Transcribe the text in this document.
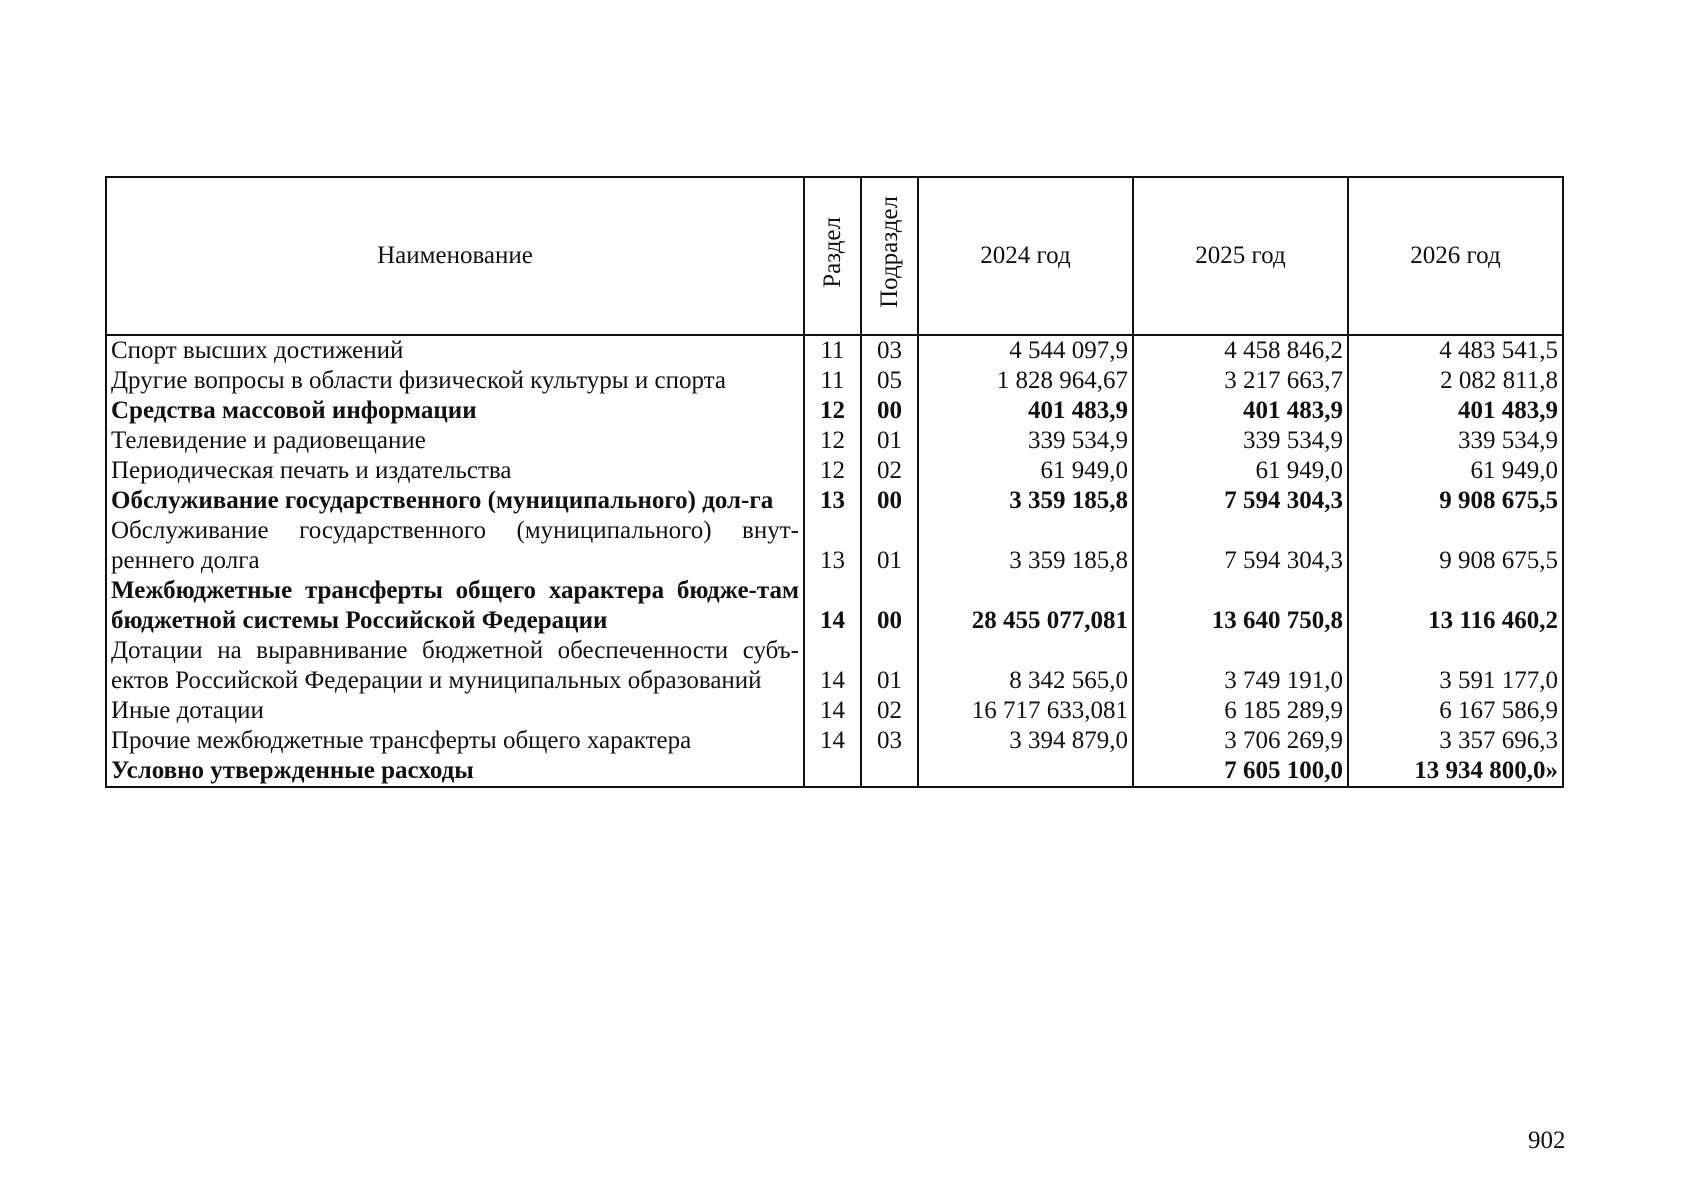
Наименование	Раздел	Подраздел	2024 год	2025 год	2026 год
Спорт высших достижений	11	03	4 544 097,9	4 458 846,2	4 483 541,5
Другие вопросы в области физической культуры и спорта	11	05	1 828 964,67	3 217 663,7	2 082 811,8
Средства массовой информации	12	00	401 483,9	401 483,9	401 483,9
Телевидение и радиовещание	12	01	339 534,9	339 534,9	339 534,9
Периодическая печать и издательства	12	02	61 949,0	61 949,0	61 949,0
Обслуживание государственного (муниципального) дол-га	13	00	3 359 185,8	7 594 304,3	9 908 675,5
Обслуживание государственного (муниципального) внут-реннего долга	13	01	3 359 185,8	7 594 304,3	9 908 675,5
Межбюджетные трансферты общего характера бюдже-там бюджетной системы Российской Федерации	14	00	28 455 077,081	13 640 750,8	13 116 460,2
Дотации на выравнивание бюджетной обеспеченности субъ-ектов Российской Федерации и муниципальных образований	14	01	8 342 565,0	3 749 191,0	3 591 177,0
Иные дотации	14	02	16 717 633,081	6 185 289,9	6 167 586,9
Прочие межбюджетные трансферты общего характера	14	03	3 394 879,0	3 706 269,9	3 357 696,3
Условно утвержденные расходы				7 605 100,0	13 934 800,0»
902
